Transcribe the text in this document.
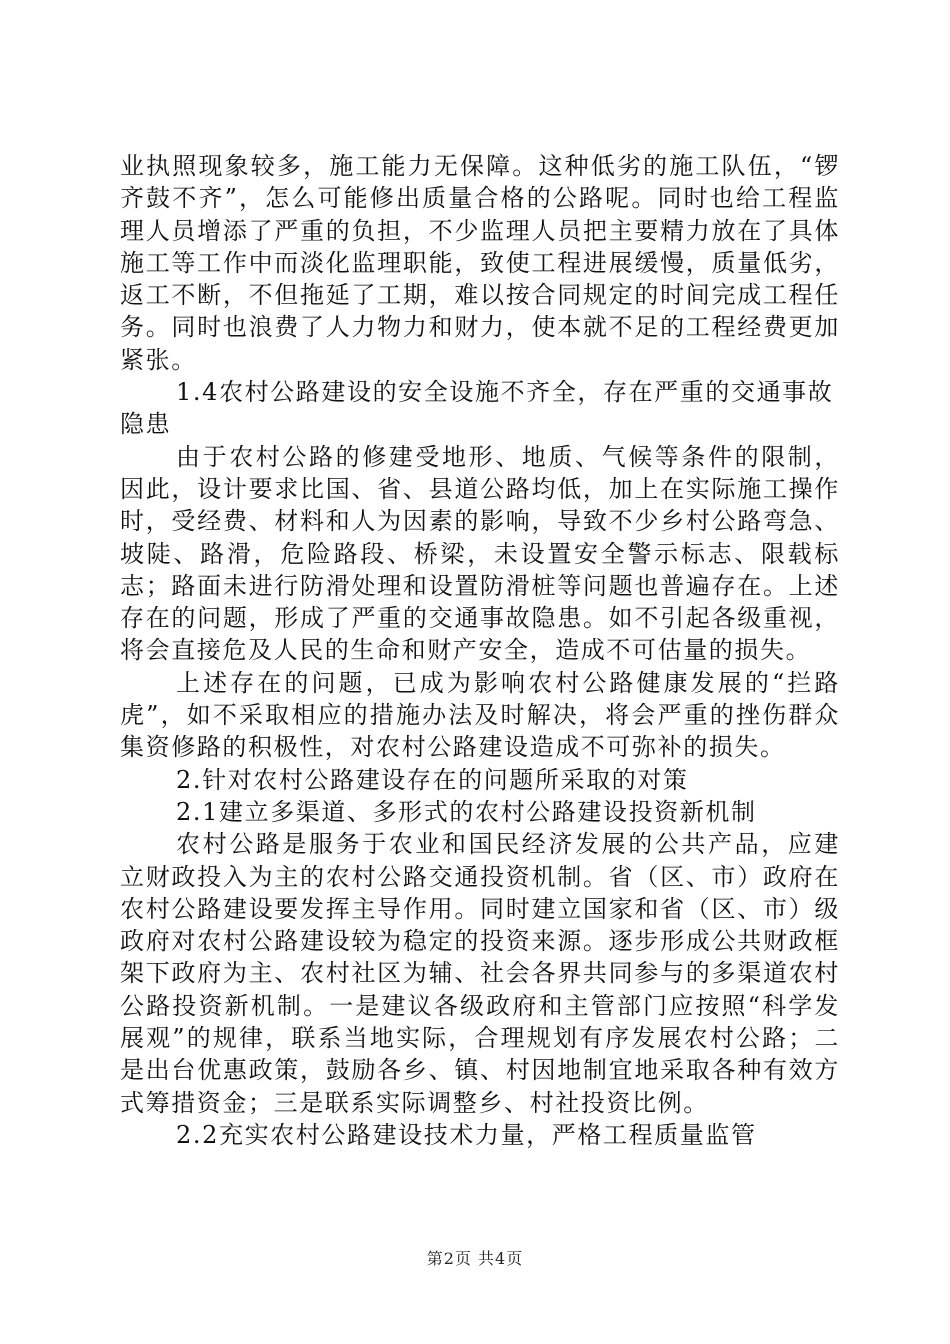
业执照现象较多，施工能力无保障。这种低劣的施工队伍，“锣齐鼓不齐”，怎么可能修出质量合格的公路呢。同时也给工程监理人员增添了严重的负担，不少监理人员把主要精力放在了具体施工等工作中而淡化监理职能，致使工程进展缓慢，质量低劣，返工不断，不但拖延了工期，难以按合同规定的时间完成工程任务。同时也浪费了人力物力和财力，使本就不足的工程经费更加紧张。

1.4农村公路建设的安全设施不齐全，存在严重的交通事故隐患

由于农村公路的修建受地形、地质、气候等条件的限制，因此，设计要求比国、省、县道公路均低，加上在实际施工操作时，受经费、材料和人为因素的影响，导致不少乡村公路弯急、坡陡、路滑，危险路段、桥梁，未设置安全警示标志、限载标志；路面未进行防滑处理和设置防滑桩等问题也普遍存在。上述存在的问题，形成了严重的交通事故隐患。如不引起各级重视，将会直接危及人民的生命和财产安全，造成不可估量的损失。

上述存在的问题，已成为影响农村公路健康发展的“拦路虎”，如不采取相应的措施办法及时解决，将会严重的挫伤群众集资修路的积极性，对农村公路建设造成不可弥补的损失。

2.针对农村公路建设存在的问题所采取的对策

2.1建立多渠道、多形式的农村公路建设投资新机制

农村公路是服务于农业和国民经济发展的公共产品，应建立财政投入为主的农村公路交通投资机制。省（区、市）政府在农村公路建设要发挥主导作用。同时建立国家和省（区、市）级政府对农村公路建设较为稳定的投资来源。逐步形成公共财政框架下政府为主、农村社区为辅、社会各界共同参与的多渠道农村公路投资新机制。一是建议各级政府和主管部门应按照“科学发展观”的规律，联系当地实际，合理规划有序发展农村公路；二是出台优惠政策，鼓励各乡、镇、村因地制宜地采取各种有效方式筹措资金；三是联系实际调整乡、村社投资比例。

2.2充实农村公路建设技术力量，严格工程质量监管

第2页 共4页
